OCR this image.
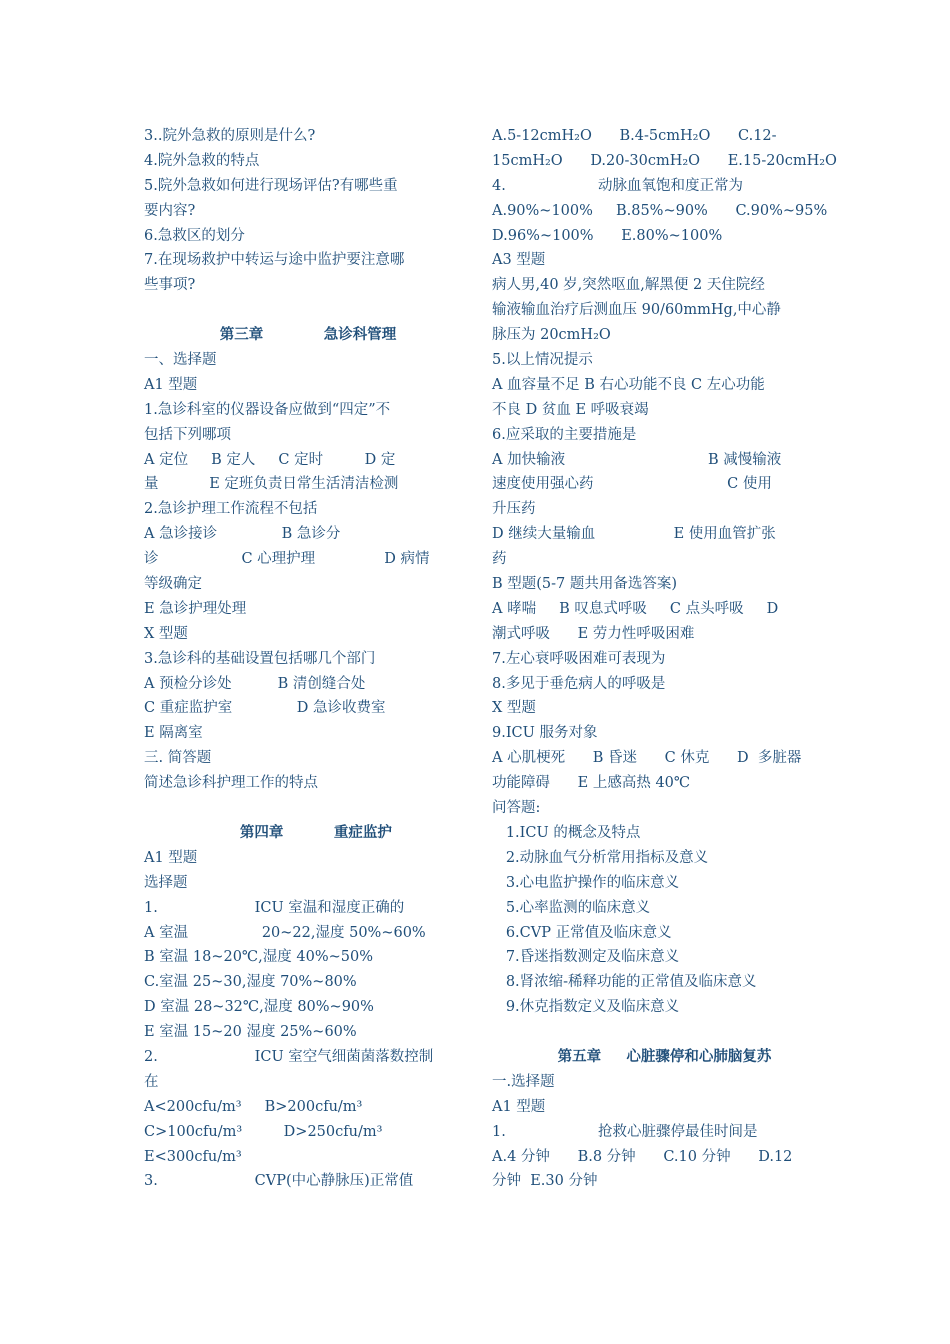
3..院外急救的原则是什么?
4.院外急救的特点
5.院外急救如何进行现场评估?有哪些重
要内容?
6.急救区的划分
7.在现场救护中转运与途中监护要注意哪
些事项?
第三章            急诊科管理
一、选择题
A1 型题
1.急诊科室的仪器设备应做到“四定”不
包括下列哪项
A 定位     B 定人     C 定时         D 定
量           E 定班负责日常生活清洁检测
2.急诊护理工作流程不包括
A 急诊接诊              B 急诊分
诊                  C 心理护理               D 病情
等级确定
E 急诊护理处理
X 型题
3.急诊科的基础设置包括哪几个部门
A 预检分诊处          B 清创缝合处
C 重症监护室              D 急诊收费室
E 隔离室
三. 简答题
简述急诊科护理工作的特点
第四章          重症监护
A1 型题
选择题
1.                     ICU 室温和湿度正确的
A 室温                20~22,湿度 50%~60%
B 室温 18~20℃,湿度 40%~50%
C.室温 25~30,湿度 70%~80%
D 室温 28~32℃,湿度 80%~90%
E 室温 15~20 湿度 25%~60%
2.                     ICU 室空气细菌菌落数控制
在
A<200cfu/m³     B>200cfu/m³
C>100cfu/m³         D>250cfu/m³
E<300cfu/m³
3.                     CVP(中心静脉压)正常值
A.5-12cmH₂O      B.4-5cmH₂O      C.12-
15cmH₂O      D.20-30cmH₂O      E.15-20cmH₂O
4.                    动脉血氧饱和度正常为
A.90%~100%     B.85%~90%      C.90%~95%
D.96%~100%      E.80%~100%
A3 型题
病人男,40 岁,突然呕血,解黑便 2 天住院经
输液输血治疗后测血压 90/60mmHg,中心静
脉压为 20cmH₂O
5.以上情况提示
A 血容量不足 B 右心功能不良 C 左心功能
不良 D 贫血 E 呼吸衰竭
6.应采取的主要措施是
A 加快输液                               B 减慢输液
速度使用强心药                             C 使用
升压药
D 继续大量输血                 E 使用血管扩张
药
B 型题(5-7 题共用备选答案)
A 哮喘     B 叹息式呼吸     C 点头呼吸     D
潮式呼吸      E 劳力性呼吸困难
7.左心衰呼吸困难可表现为
8.多见于垂危病人的呼吸是
X 型题
9.ICU 服务对象
A 心肌梗死      B 昏迷      C 休克      D  多脏器
功能障碍      E 上感高热 40℃
问答题:
1.ICU 的概念及特点
2.动脉血气分析常用指标及意义
3.心电监护操作的临床意义
5.心率监测的临床意义
6.CVP 正常值及临床意义
7.昏迷指数测定及临床意义
8.肾浓缩-稀释功能的正常值及临床意义
9.休克指数定义及临床意义
第五章     心脏骤停和心肺脑复苏
一.选择题
A1 型题
1.                    抢救心脏骤停最佳时间是
A.4 分钟      B.8 分钟      C.10 分钟      D.12
分钟  E.30 分钟
